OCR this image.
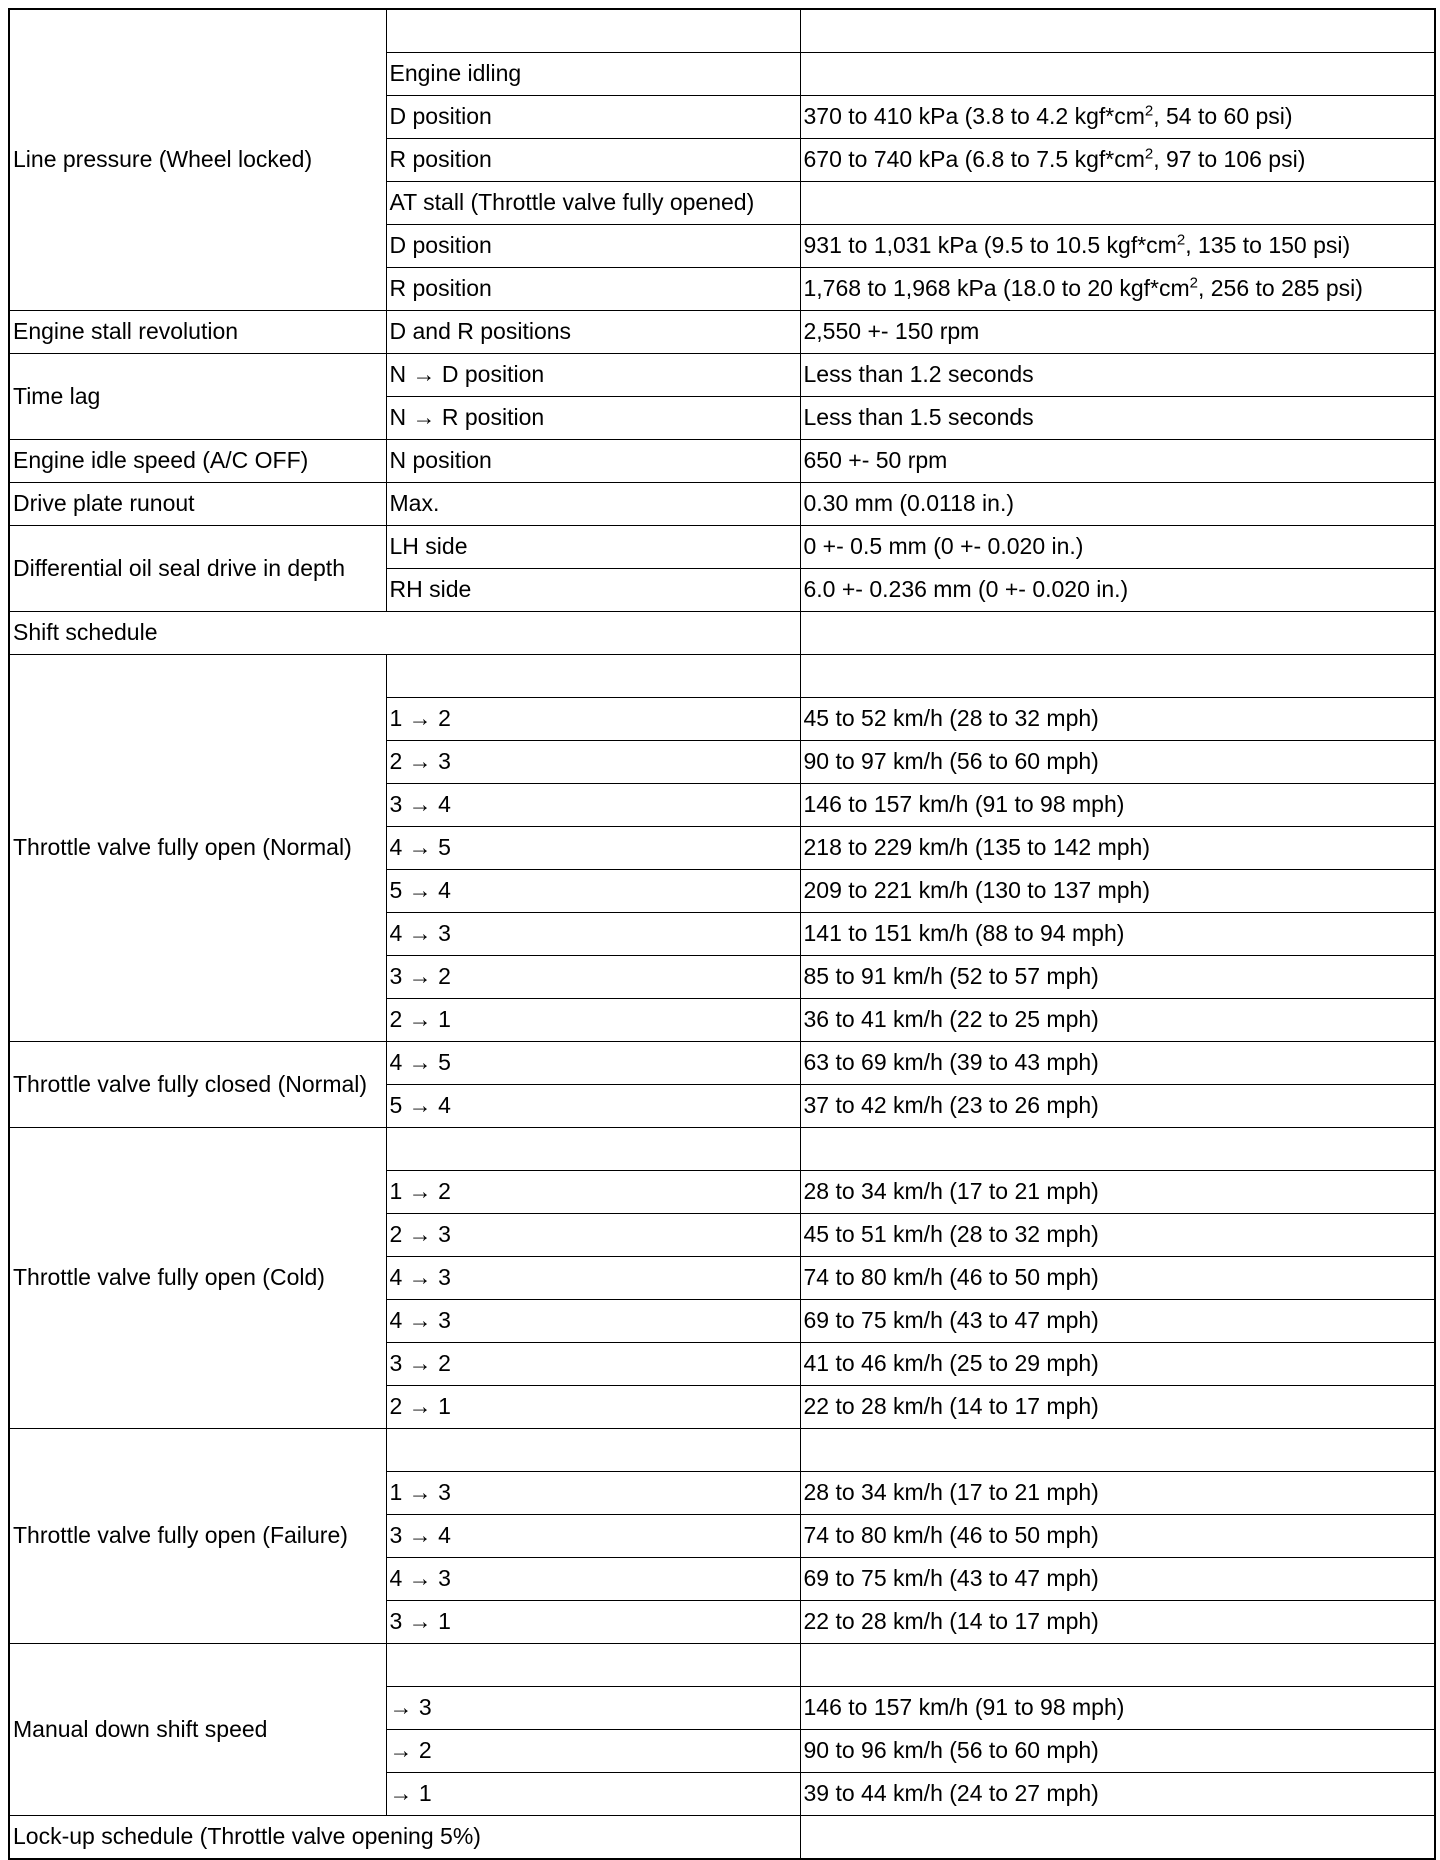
Line pressure (Wheel locked)		
	Engine idling	
	D position	370 to 410 kPa (3.8 to 4.2 $kgf*cm^2$, 54 to 60 psi)
	R position	670 to 740 kPa (6.8 to 7.5 $kgf*cm^2$, 97 to 106 psi)
	AT stall (Throttle valve fully opened)	
	D position	931 to 1,031 kPa (9.5 to 10.5 $kgf*cm^2$, 135 to 150 psi)
	R position	1,768 to 1,968 kPa (18.0 to 20 $kgf*cm^2$, 256 to 285 psi)
Engine stall revolution	D and R positions	2,550 +- 150 rpm
Time lag	N → D position	Less than 1.2 seconds
	N → R position	Less than 1.5 seconds
Engine idle speed (A/C OFF)	N position	650 +- 50 rpm
Drive plate runout	Max.	0.30 mm (0.0118 in.)
Differential oil seal drive in depth	LH side	0 +- 0.5 mm (0 +- 0.020 in.)
	RH side	6.0 +- 0.236 mm (0 +- 0.020 in.)
Shift schedule		
Throttle valve fully open (Normal)		
	1 → 2	45 to 52 km/h (28 to 32 mph)
	2 → 3	90 to 97 km/h (56 to 60 mph)
	3 → 4	146 to 157 km/h (91 to 98 mph)
	4 → 5	218 to 229 km/h (135 to 142 mph)
	5 → 4	209 to 221 km/h (130 to 137 mph)
	4 → 3	141 to 151 km/h (88 to 94 mph)
	3 → 2	85 to 91 km/h (52 to 57 mph)
	2 → 1	36 to 41 km/h (22 to 25 mph)
Throttle valve fully closed (Normal)	4 → 5	63 to 69 km/h (39 to 43 mph)
	5 → 4	37 to 42 km/h (23 to 26 mph)
Throttle valve fully open (Cold)		
	1 → 2	28 to 34 km/h (17 to 21 mph)
	2 → 3	45 to 51 km/h (28 to 32 mph)
	4 → 3	74 to 80 km/h (46 to 50 mph)
	4 → 3	69 to 75 km/h (43 to 47 mph)
	3 → 2	41 to 46 km/h (25 to 29 mph)
	2 → 1	22 to 28 km/h (14 to 17 mph)
Throttle valve fully open (Failure)		
	1 → 3	28 to 34 km/h (17 to 21 mph)
	3 → 4	74 to 80 km/h (46 to 50 mph)
	4 → 3	69 to 75 km/h (43 to 47 mph)
	3 → 1	22 to 28 km/h (14 to 17 mph)
Manual down shift speed		
	→ 3	146 to 157 km/h (91 to 98 mph)
	→ 2	90 to 96 km/h (56 to 60 mph)
	→ 1	39 to 44 km/h (24 to 27 mph)
Lock-up schedule (Throttle valve opening 5%)		
